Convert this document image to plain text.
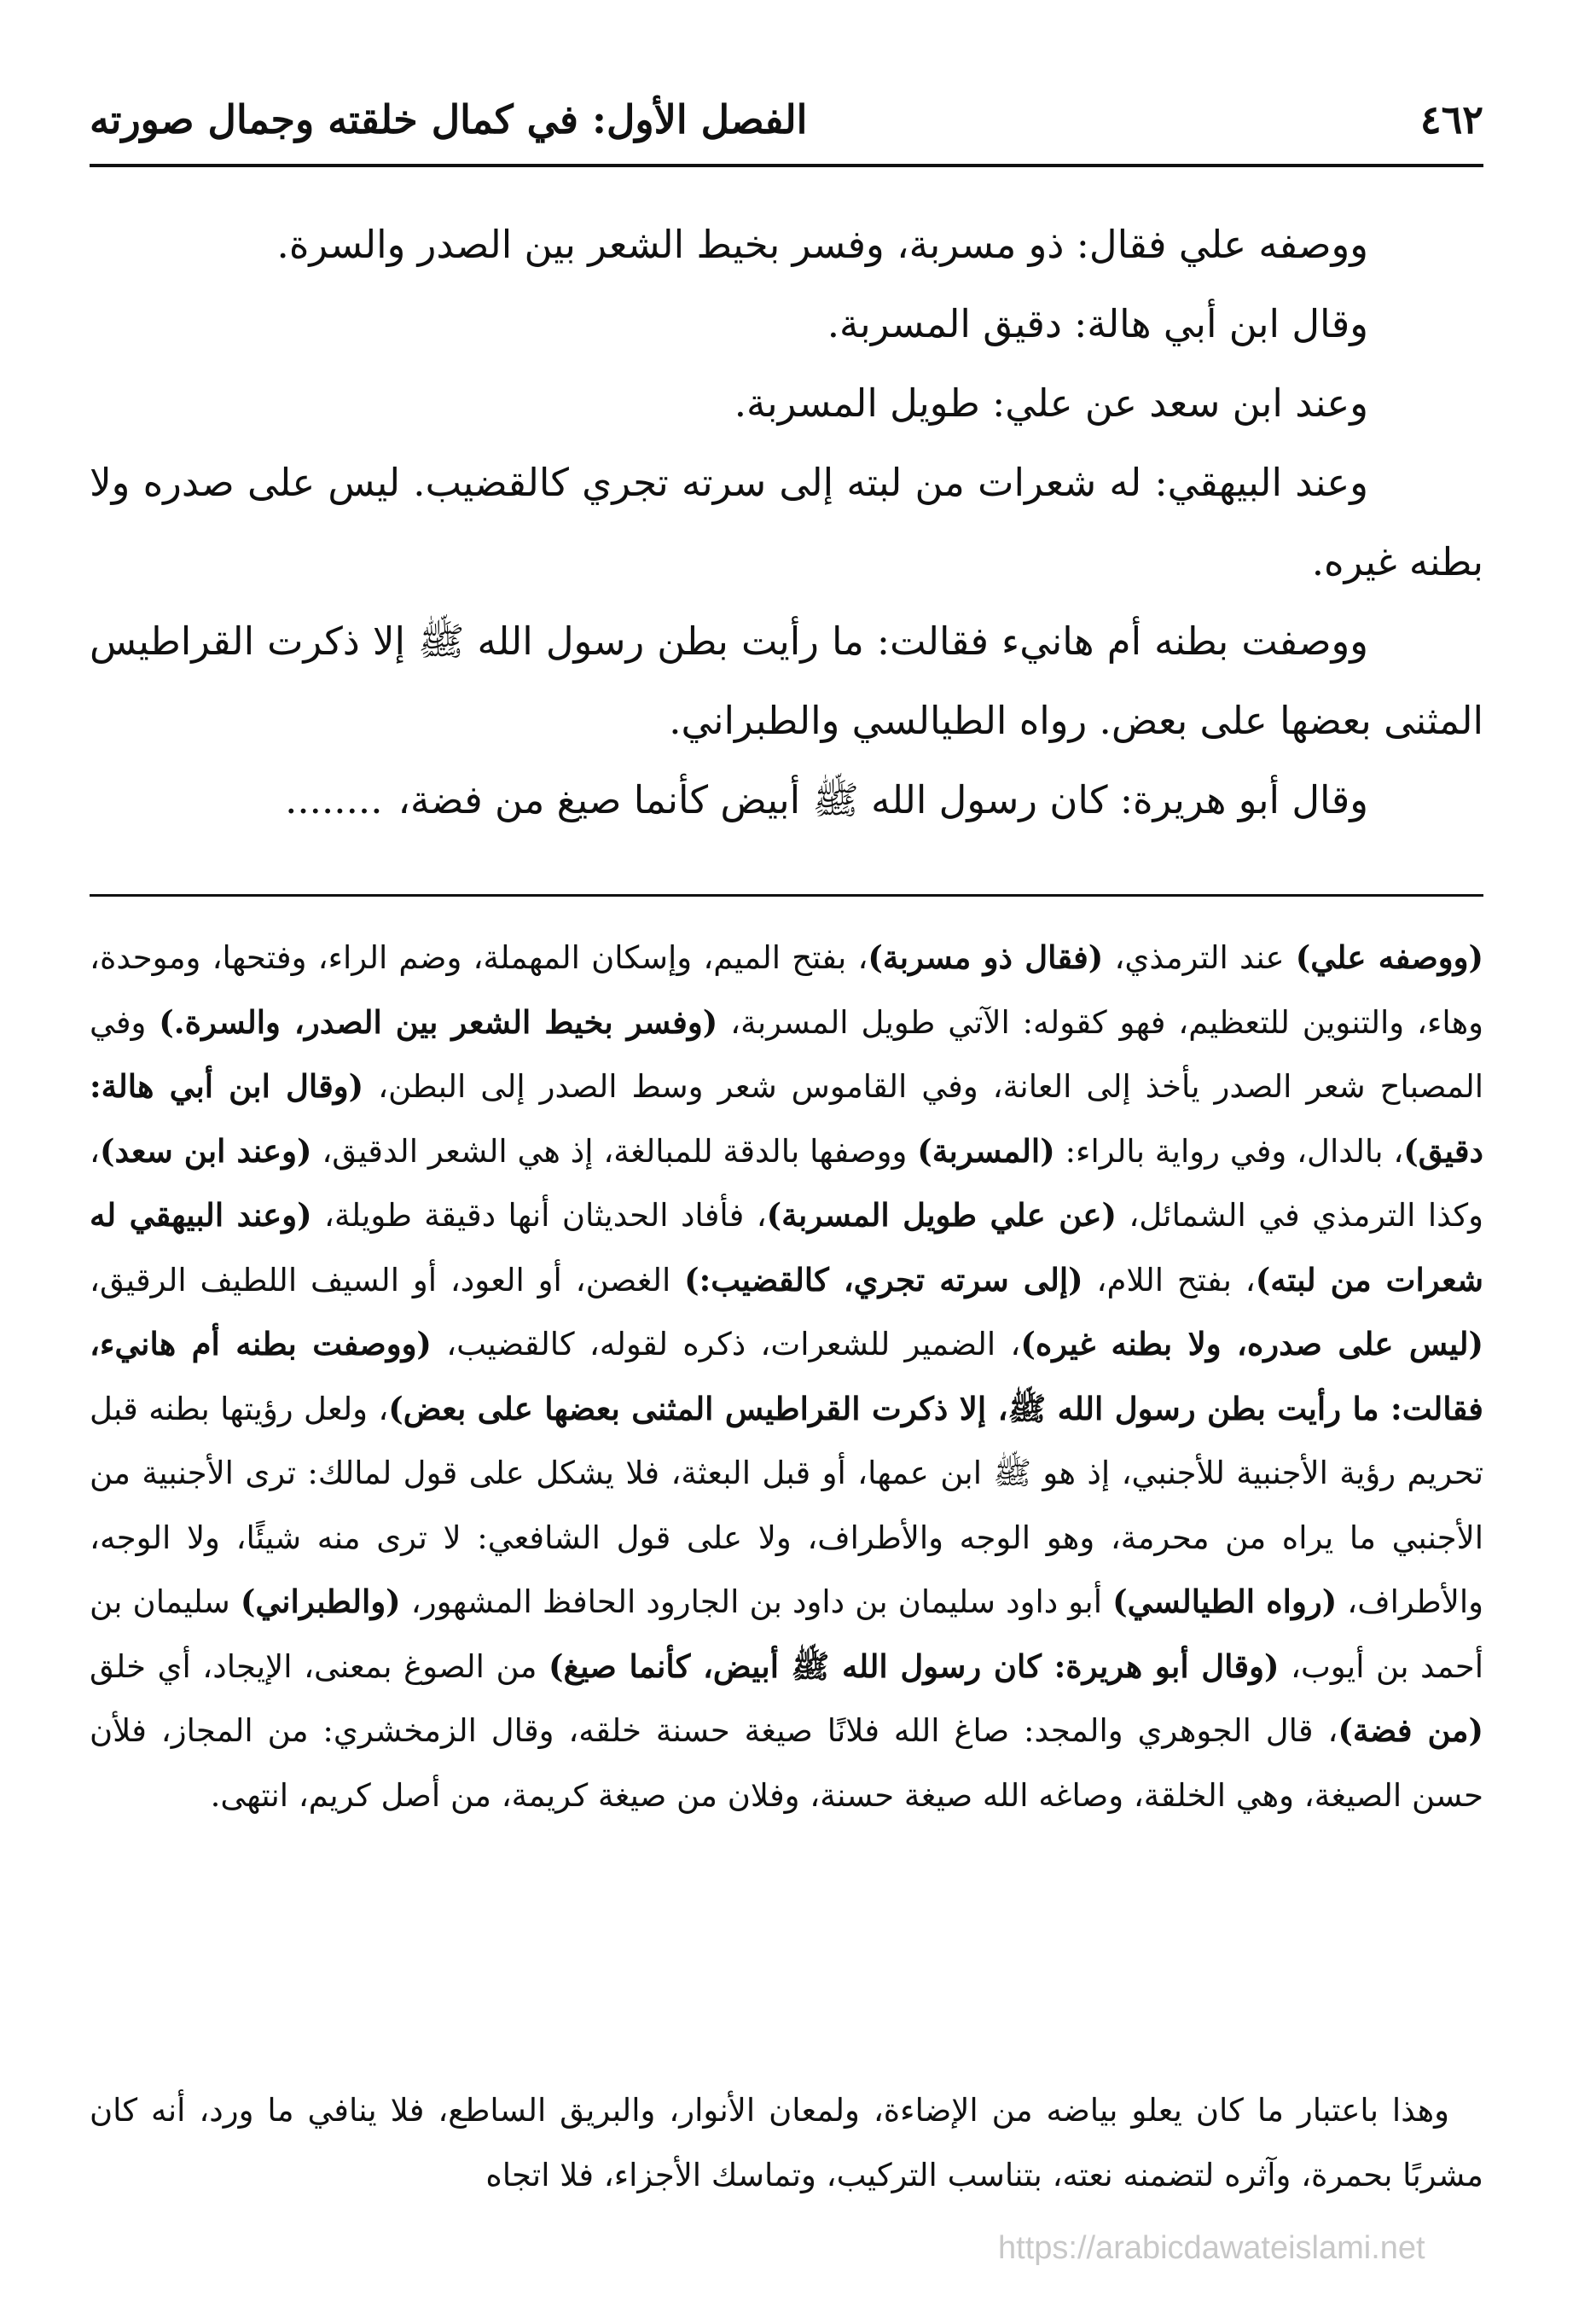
٤٦٢
الفصل الأول: في كمال خلقته وجمال صورته

ووصفه علي فقال: ذو مسربة، وفسر بخيط الشعر بين الصدر والسرة.

وقال ابن أبي هالة: دقيق المسربة.

وعند ابن سعد عن علي: طويل المسربة.

وعند البيهقي: له شعرات من لبته إلى سرته تجري كالقضيب. ليس على صدره ولا بطنه غيره.

ووصفت بطنه أم هانيء فقالت: ما رأيت بطن رسول الله ﷺ إلا ذكرت القراطيس المثنى بعضها على بعض. رواه الطيالسي والطبراني.

وقال أبو هريرة: كان رسول الله ﷺ أبيض كأنما صيغ من فضة،........

(ووصفه علي) عند الترمذي، (فقال ذو مسربة)، بفتح الميم، وإسكان المهملة، وضم الراء، وفتحها، وموحدة، وهاء، والتنوين للتعظيم، فهو كقوله: الآتي طويل المسربة، (وفسر بخيط الشعر بين الصدر، والسرة.) وفي المصباح شعر الصدر يأخذ إلى العانة، وفي القاموس شعر وسط الصدر إلى البطن، (وقال ابن أبي هالة: دقيق)، بالدال، وفي رواية بالراء: (المسربة) ووصفها بالدقة للمبالغة، إذ هي الشعر الدقيق، (وعند ابن سعد)، وكذا الترمذي في الشمائل، (عن علي طويل المسربة)، فأفاد الحديثان أنها دقيقة طويلة، (وعند البيهقي له شعرات من لبته)، بفتح اللام، (إلى سرته تجري، كالقضيب:) الغصن، أو العود، أو السيف اللطيف الرقيق، (ليس على صدره، ولا بطنه غيره)، الضمير للشعرات، ذكره لقوله، كالقضيب، (ووصفت بطنه أم هانيء، فقالت: ما رأيت بطن رسول الله ﷺ، إلا ذكرت القراطيس المثنى بعضها على بعض)، ولعل رؤيتها بطنه قبل تحريم رؤية الأجنبية للأجنبي، إذ هو ﷺ ابن عمها، أو قبل البعثة، فلا يشكل على قول لمالك: ترى الأجنبية من الأجنبي ما يراه من محرمة، وهو الوجه والأطراف، ولا على قول الشافعي: لا ترى منه شيئًا، ولا الوجه، والأطراف، (رواه الطيالسي) أبو داود سليمان بن داود بن الجارود الحافظ المشهور، (والطبراني) سليمان بن أحمد بن أيوب، (وقال أبو هريرة: كان رسول الله ﷺ أبيض، كأنما صيغ) من الصوغ بمعنى، الإيجاد، أي خلق (من فضة)، قال الجوهري والمجد: صاغ الله فلانًا صيغة حسنة خلقه، وقال الزمخشري: من المجاز، فلأن حسن الصيغة، وهي الخلقة، وصاغه الله صيغة حسنة، وفلان من صيغة كريمة، من أصل كريم، انتهى.

وهذا باعتبار ما كان يعلو بياضه من الإضاءة، ولمعان الأنوار، والبريق الساطع، فلا ينافي ما ورد، أنه كان مشربًا بحمرة، وآثره لتضمنه نعته، بتناسب التركيب، وتماسك الأجزاء، فلا اتجاه

https://arabicdawateislami.net
